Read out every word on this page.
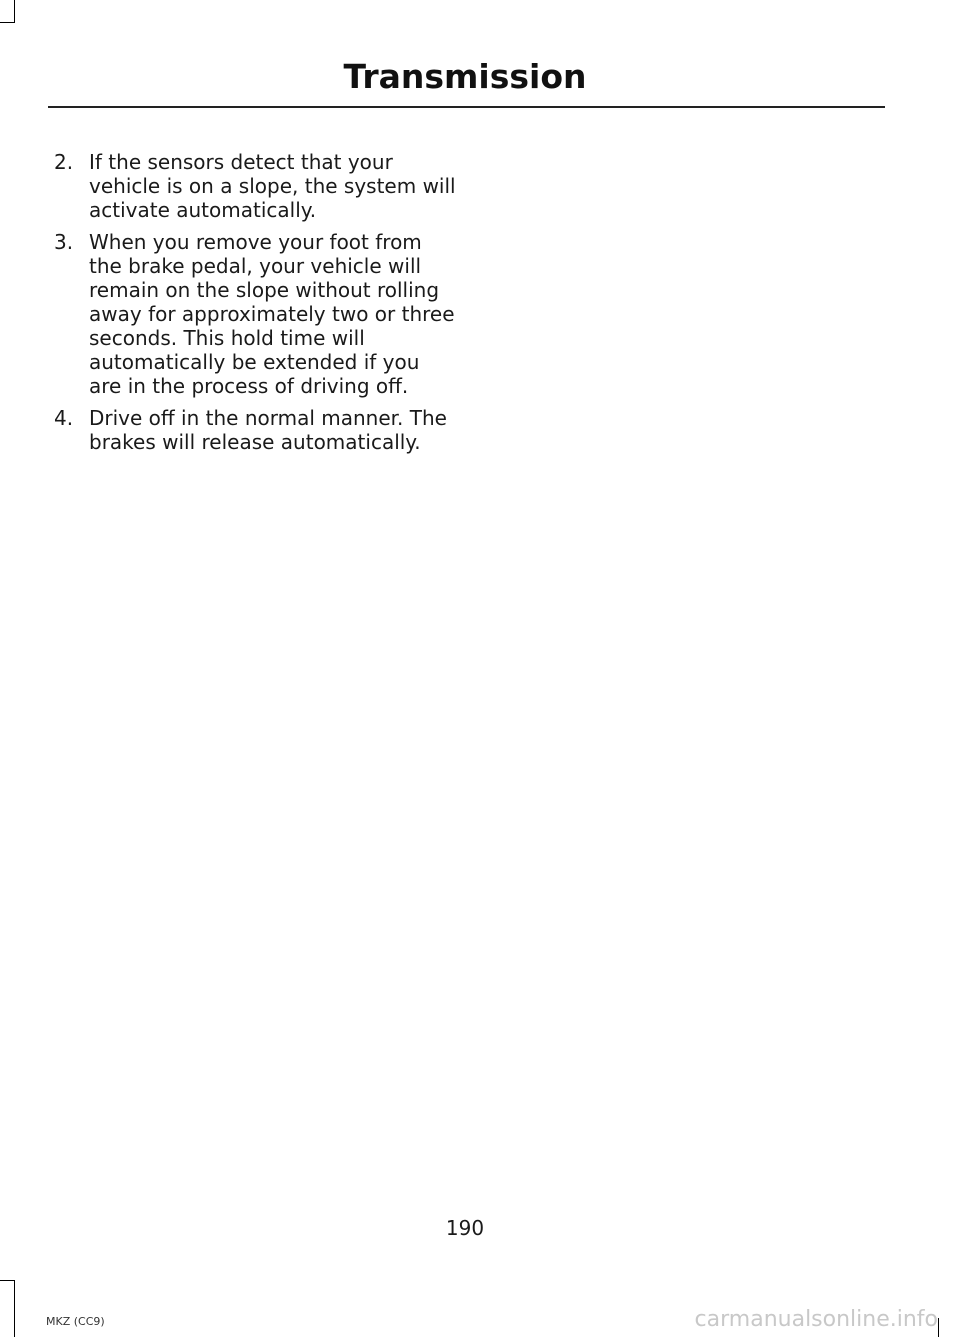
Transmission
2. If the sensors detect that your vehicle is on a slope, the system will activate automatically.
3. When you remove your foot from the brake pedal, your vehicle will remain on the slope without rolling away for approximately two or three seconds. This hold time will automatically be extended if you are in the process of driving off.
4. Drive off in the normal manner. The brakes will release automatically.
190
MKZ (CC9)	carmanualsonline.info
